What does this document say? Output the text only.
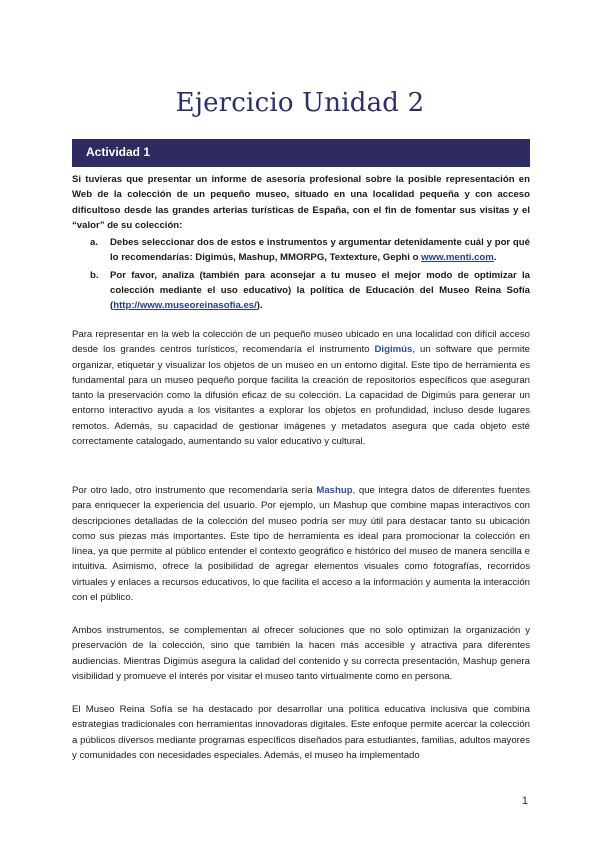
Ejercicio Unidad 2
Actividad 1
Si tuvieras que presentar un informe de asesoría profesional sobre la posible representación en Web de la colección de un pequeño museo, situado en una localidad pequeña y con acceso dificultoso desde las grandes arterias turísticas de España, con el fin de fomentar sus visitas y el “valor” de su colección:
a. Debes seleccionar dos de estos e instrumentos y argumentar detenidamente cuál y por qué lo recomendarías: Digimús, Mashup, MMORPG, Textexture, Gephi o www.menti.com.
b. Por favor, analiza (también para aconsejar a tu museo el mejor modo de optimizar la colección mediante el uso educativo) la política de Educación del Museo Reina Sofía (http://www.museoreinasofia.es/).
Para representar en la web la colección de un pequeño museo ubicado en una localidad con difícil acceso desde los grandes centros turísticos, recomendaría el instrumento Digimús, un software que permite organizar, etiquetar y visualizar los objetos de un museo en un entorno digital. Este tipo de herramienta es fundamental para un museo pequeño porque facilita la creación de repositorios específicos que aseguran tanto la preservación como la difusión eficaz de su colección. La capacidad de Digimús para generar un entorno interactivo ayuda a los visitantes a explorar los objetos en profundidad, incluso desde lugares remotos. Además, su capacidad de gestionar imágenes y metadatos asegura que cada objeto esté correctamente catalogado, aumentando su valor educativo y cultural.
Por otro lado, otro instrumento que recomendaría sería Mashup, que integra datos de diferentes fuentes para enriquecer la experiencia del usuario. Por ejemplo, un Mashup que combine mapas interactivos con descripciones detalladas de la colección del museo podría ser muy útil para destacar tanto su ubicación como sus piezas más importantes. Este tipo de herramienta es ideal para promocionar la colección en línea, ya que permite al público entender el contexto geográfico e histórico del museo de manera sencilla e intuitiva. Asimismo, ofrece la posibilidad de agregar elementos visuales como fotografías, recorridos virtuales y enlaces a recursos educativos, lo que facilita el acceso a la información y aumenta la interacción con el público.
Ambos instrumentos, se complementan al ofrecer soluciones que no solo optimizan la organización y preservación de la colección, sino que también la hacen más accesible y atractiva para diferentes audiencias. Mientras Digimús asegura la calidad del contenido y su correcta presentación, Mashup genera visibilidad y promueve el interés por visitar el museo tanto virtualmente como en persona.
El Museo Reina Sofía se ha destacado por desarrollar una política educativa inclusiva que combina estrategias tradicionales con herramientas innovadoras digitales. Este enfoque permite acercar la colección a públicos diversos mediante programas específicos diseñados para estudiantes, familias, adultos mayores y comunidades con necesidades especiales. Además, el museo ha implementado
1
